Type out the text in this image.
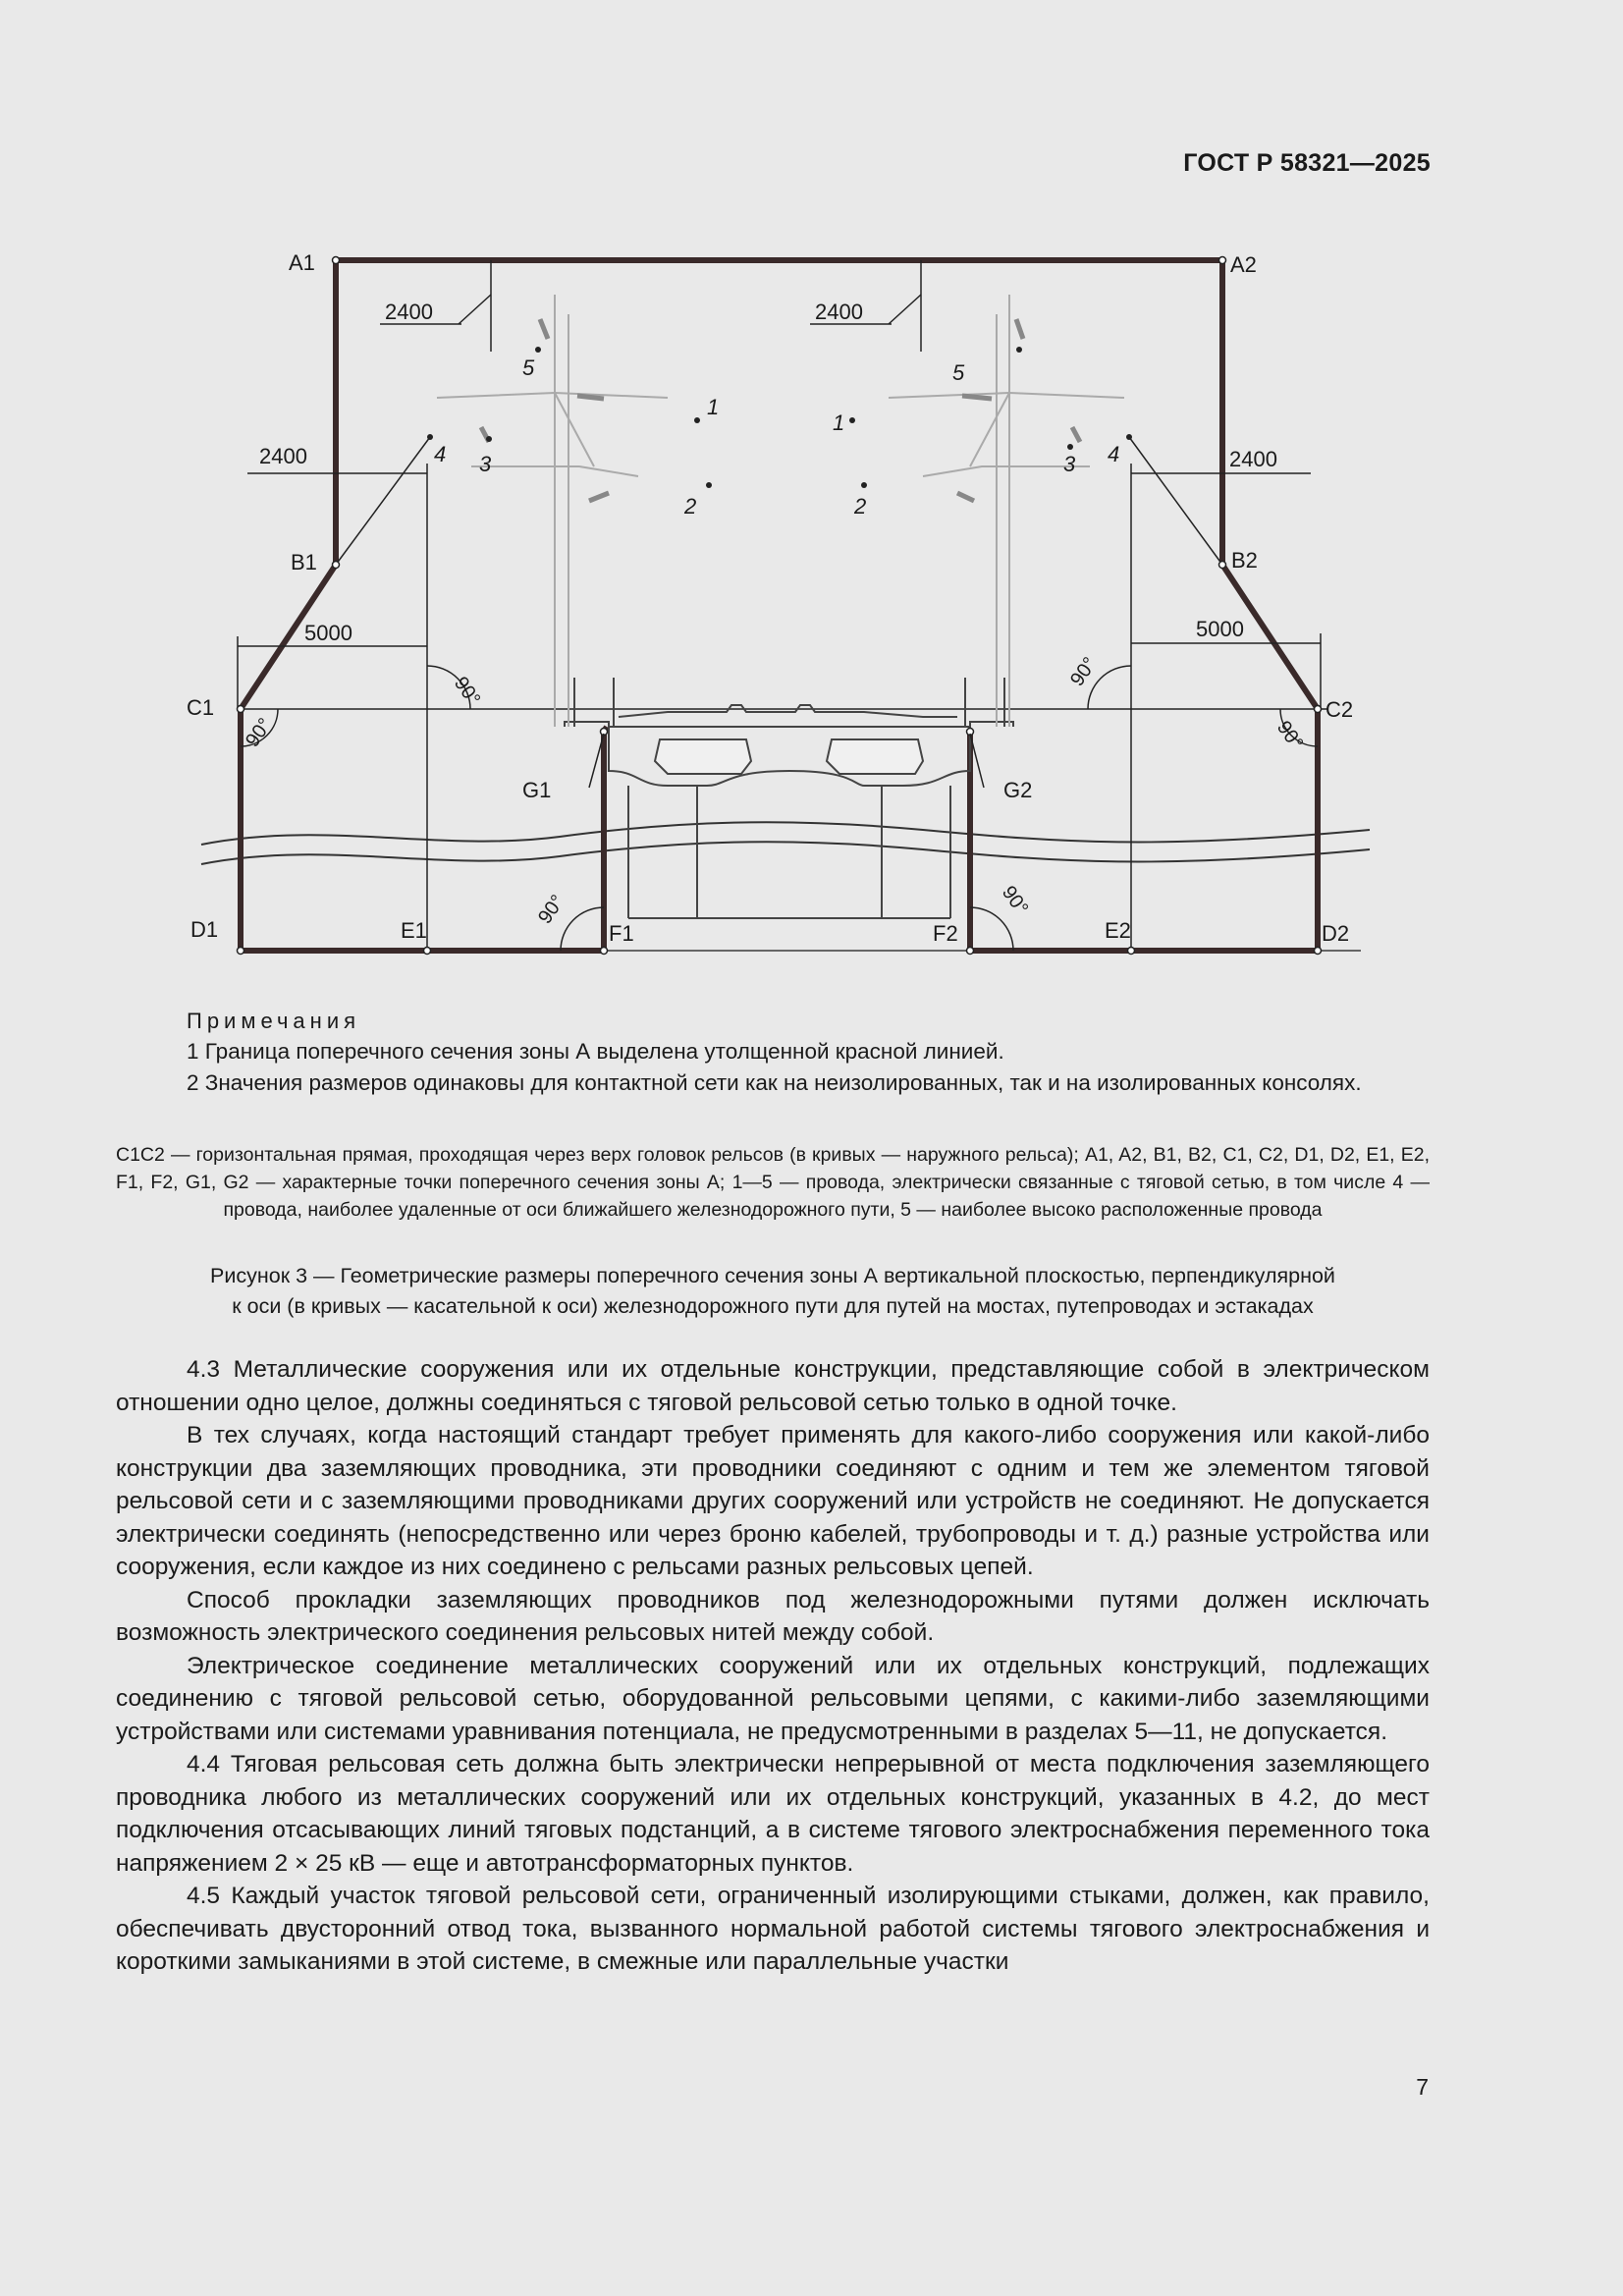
ГОСТ Р 58321—2025
2400	2400
2400	2400
5000	5000
90°	90°
90°
90°
90°	90°
5	5
1
1
2	2
3	3
4	4
A1	A2
B1	B2
C1	C2
D1	D2
E1	E2
F1	F2
G1	G2
Примечания
1 Граница поперечного сечения зоны А выделена утолщенной красной линией.
2 Значения размеров одинаковы для контактной сети как на неизолированных, так и на изолированных консолях.
С1С2 — горизонтальная прямая, проходящая через верх головок рельсов (в кривых — наружного рельса); A1, A2, B1, B2, C1, C2, D1, D2, E1, E2, F1, F2, G1, G2 — характерные точки поперечного сечения зоны А; 1—5 — провода, электрически связанные с тяговой сетью, в том числе 4 — провода, наиболее удаленные от оси ближайшего железнодорожного пути, 5 — наиболее высоко расположенные провода
Рисунок 3 — Геометрические размеры поперечного сечения зоны А вертикальной плоскостью, перпендикулярной
к оси (в кривых — касательной к оси) железнодорожного пути для путей на мостах, путепроводах и эстакадах

4.3 Металлические сооружения или их отдельные конструкции, представляющие собой в электрическом отношении одно целое, должны соединяться с тяговой рельсовой сетью только в одной точке.

В тех случаях, когда настоящий стандарт требует применять для какого-либо сооружения или какой-либо конструкции два заземляющих проводника, эти проводники соединяют с одним и тем же элементом тяговой рельсовой сети и с заземляющими проводниками других сооружений или устройств не соединяют. Не допускается электрически соединять (непосредственно или через броню кабелей, трубопроводы и т. д.) разные устройства или сооружения, если каждое из них соединено с рельсами разных рельсовых цепей.

Способ прокладки заземляющих проводников под железнодорожными путями должен исключать возможность электрического соединения рельсовых нитей между собой.

Электрическое соединение металлических сооружений или их отдельных конструкций, подлежащих соединению с тяговой рельсовой сетью, оборудованной рельсовыми цепями, с какими-либо заземляющими устройствами или системами уравнивания потенциала, не предусмотренными в разделах 5—11, не допускается.

4.4 Тяговая рельсовая сеть должна быть электрически непрерывной от места подключения заземляющего проводника любого из металлических сооружений или их отдельных конструкций, указанных в 4.2, до мест подключения отсасывающих линий тяговых подстанций, а в системе тягового электроснабжения переменного тока напряжением 2 × 25 кВ — еще и автотрансформаторных пунктов.

4.5 Каждый участок тяговой рельсовой сети, ограниченный изолирующими стыками, должен, как правило, обеспечивать двусторонний отвод тока, вызванного нормальной работой системы тягового электроснабжения и короткими замыканиями в этой системе, в смежные или параллельные участки

7
